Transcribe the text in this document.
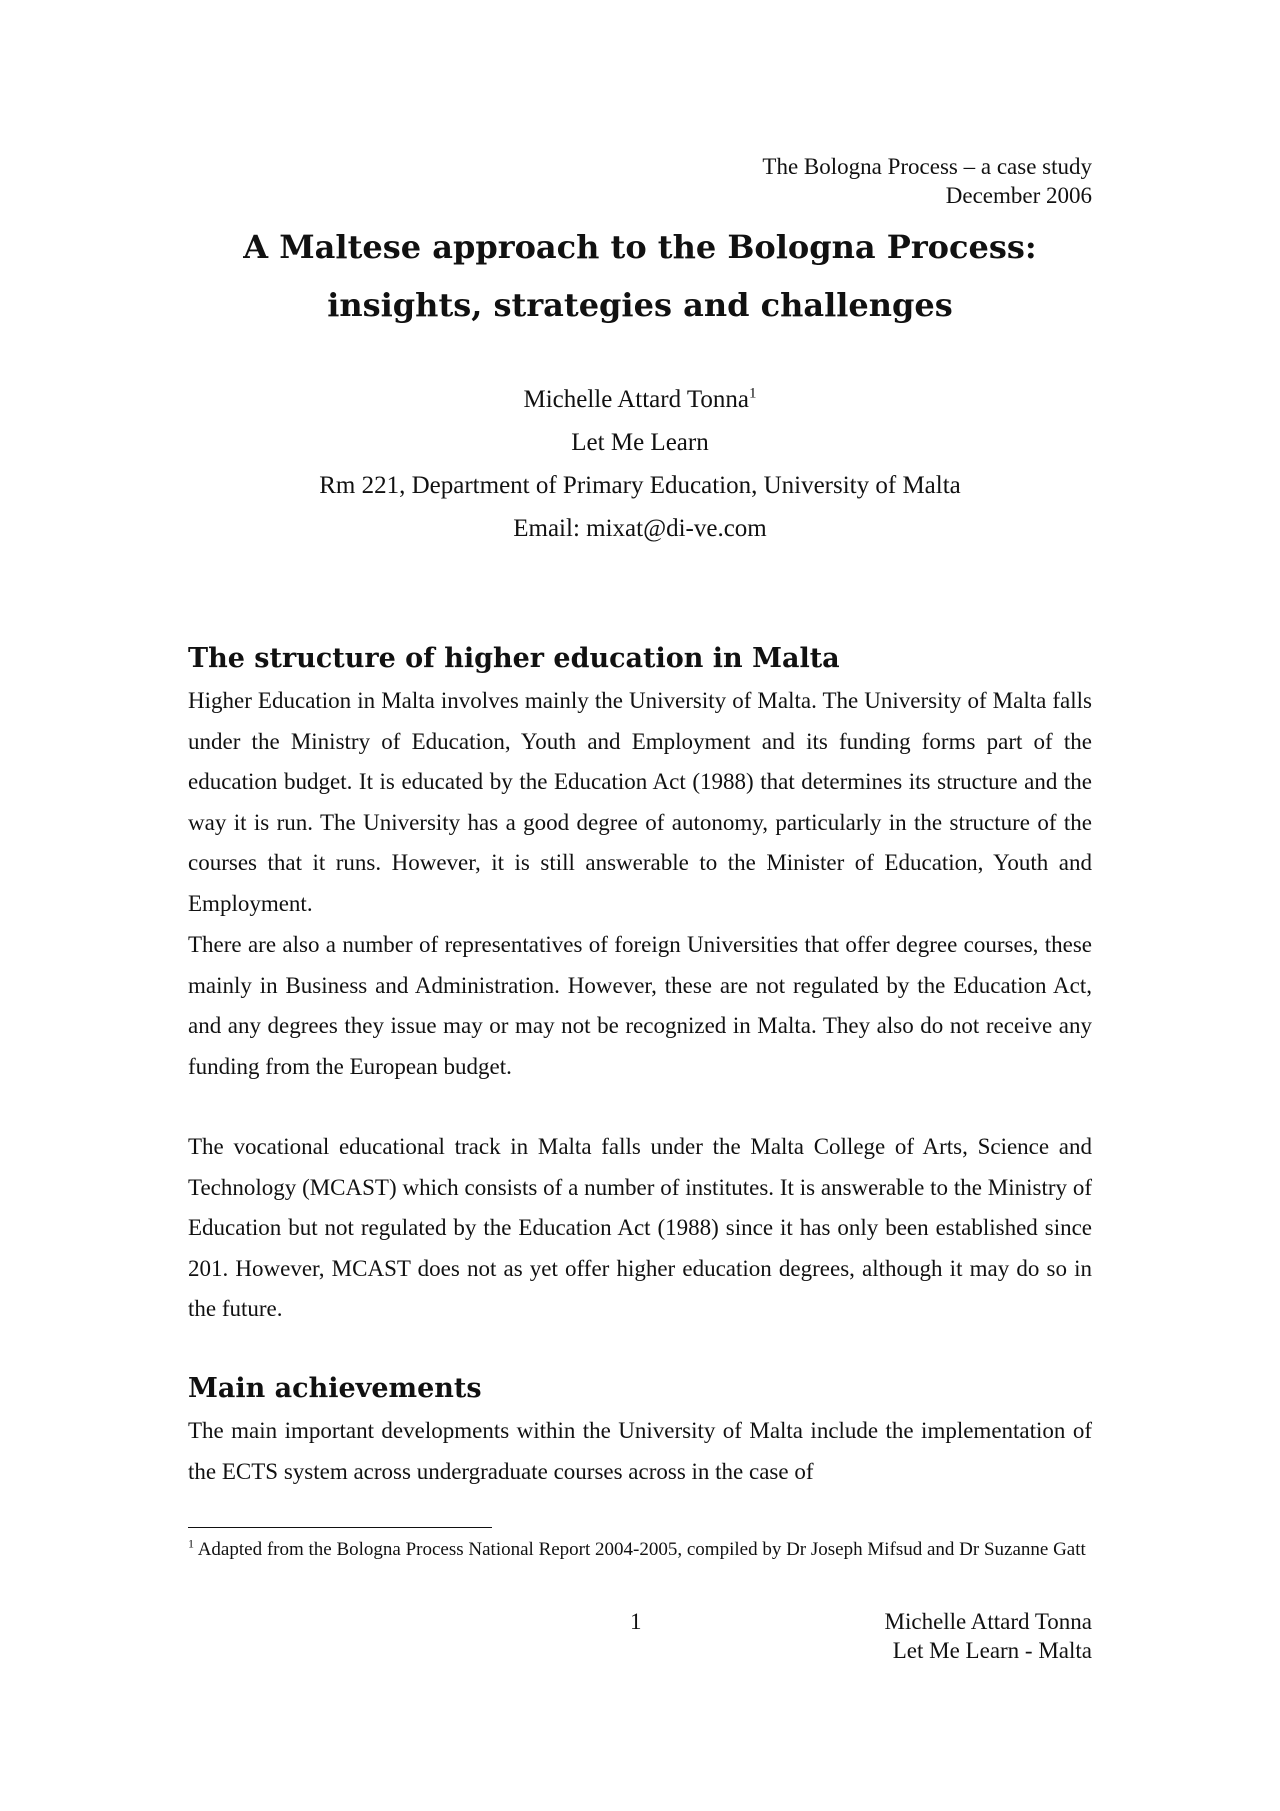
The Bologna Process – a case study
December 2006
A Maltese approach to the Bologna Process:
insights, strategies and challenges
Michelle Attard Tonna$^1$
Let Me Learn
Rm 221, Department of Primary Education, University of Malta
Email: mixat@di-ve.com
The structure of higher education in Malta

Higher Education in Malta involves mainly the University of Malta. The University of Malta falls under the Ministry of Education, Youth and Employment and its funding forms part of the education budget. It is educated by the Education Act (1988) that determines its structure and the way it is run. The University has a good degree of autonomy, particularly in the structure of the courses that it runs. However, it is still answerable to the Minister of Education, Youth and Employment.

There are also a number of representatives of foreign Universities that offer degree courses, these mainly in Business and Administration. However, these are not regulated by the Education Act, and any degrees they issue may or may not be recognized in Malta. They also do not receive any funding from the European budget.

The vocational educational track in Malta falls under the Malta College of Arts, Science and Technology (MCAST) which consists of a number of institutes. It is answerable to the Ministry of Education but not regulated by the Education Act (1988) since it has only been established since 201. However, MCAST does not as yet offer higher education degrees, although it may do so in the future.

Main achievements

The main important developments within the University of Malta include the implementation of the ECTS system across undergraduate courses across in the case of

$^1$ Adapted from the Bologna Process National Report 2004-2005, compiled by Dr Joseph Mifsud and Dr Suzanne Gatt
1	Michelle Attard Tonna
Let Me Learn - Malta
